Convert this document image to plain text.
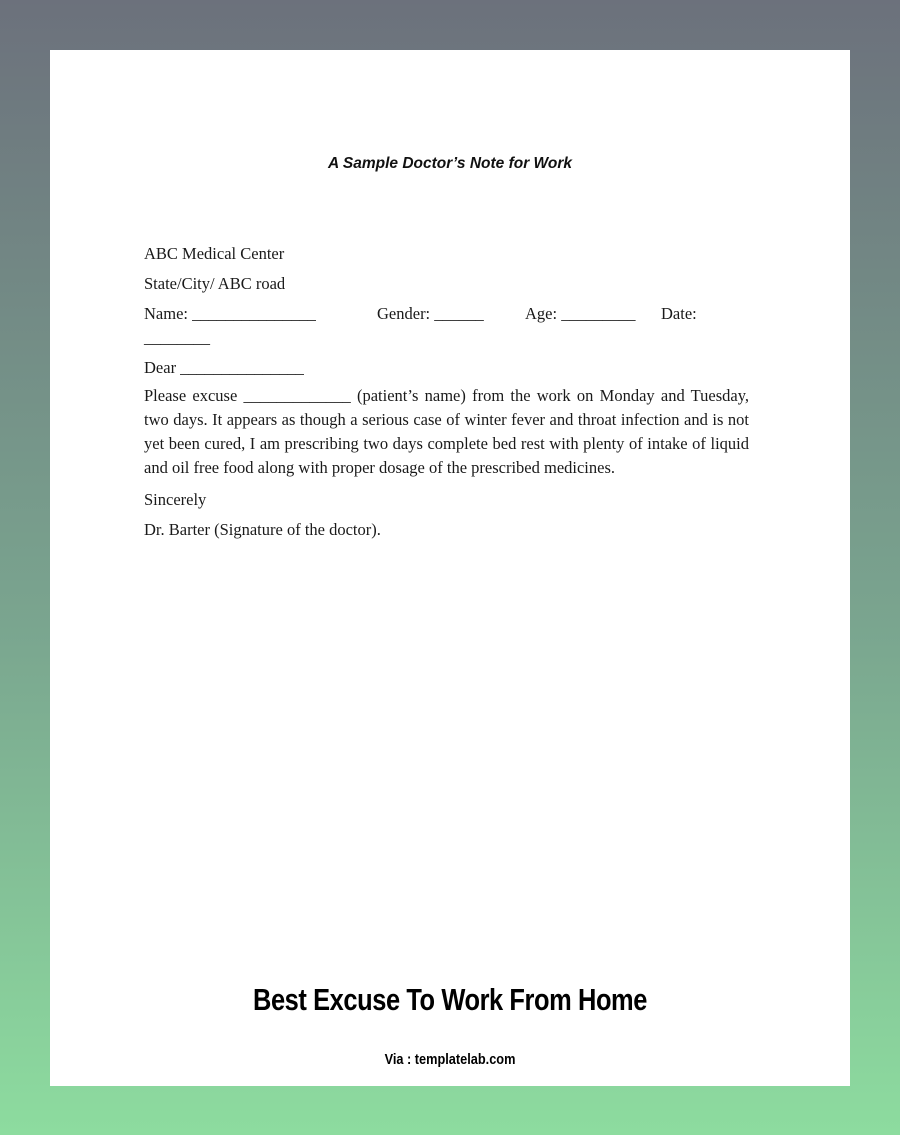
A Sample Doctor’s Note for Work
ABC Medical Center
State/City/ ABC road
Name: _______________	Gender: ______ Age: _________ Date:
________
Dear _______________
Please excuse _____________ (patient’s name) from the work on Monday and Tuesday, two days. It appears as though a serious case of winter fever and throat infection and is not yet been cured, I am prescribing two days complete bed rest with plenty of intake of liquid and oil free food along with proper dosage of the prescribed medicines.
Sincerely
Dr. Barter (Signature of the doctor).
Best Excuse To Work From Home
Via : templatelab.com
